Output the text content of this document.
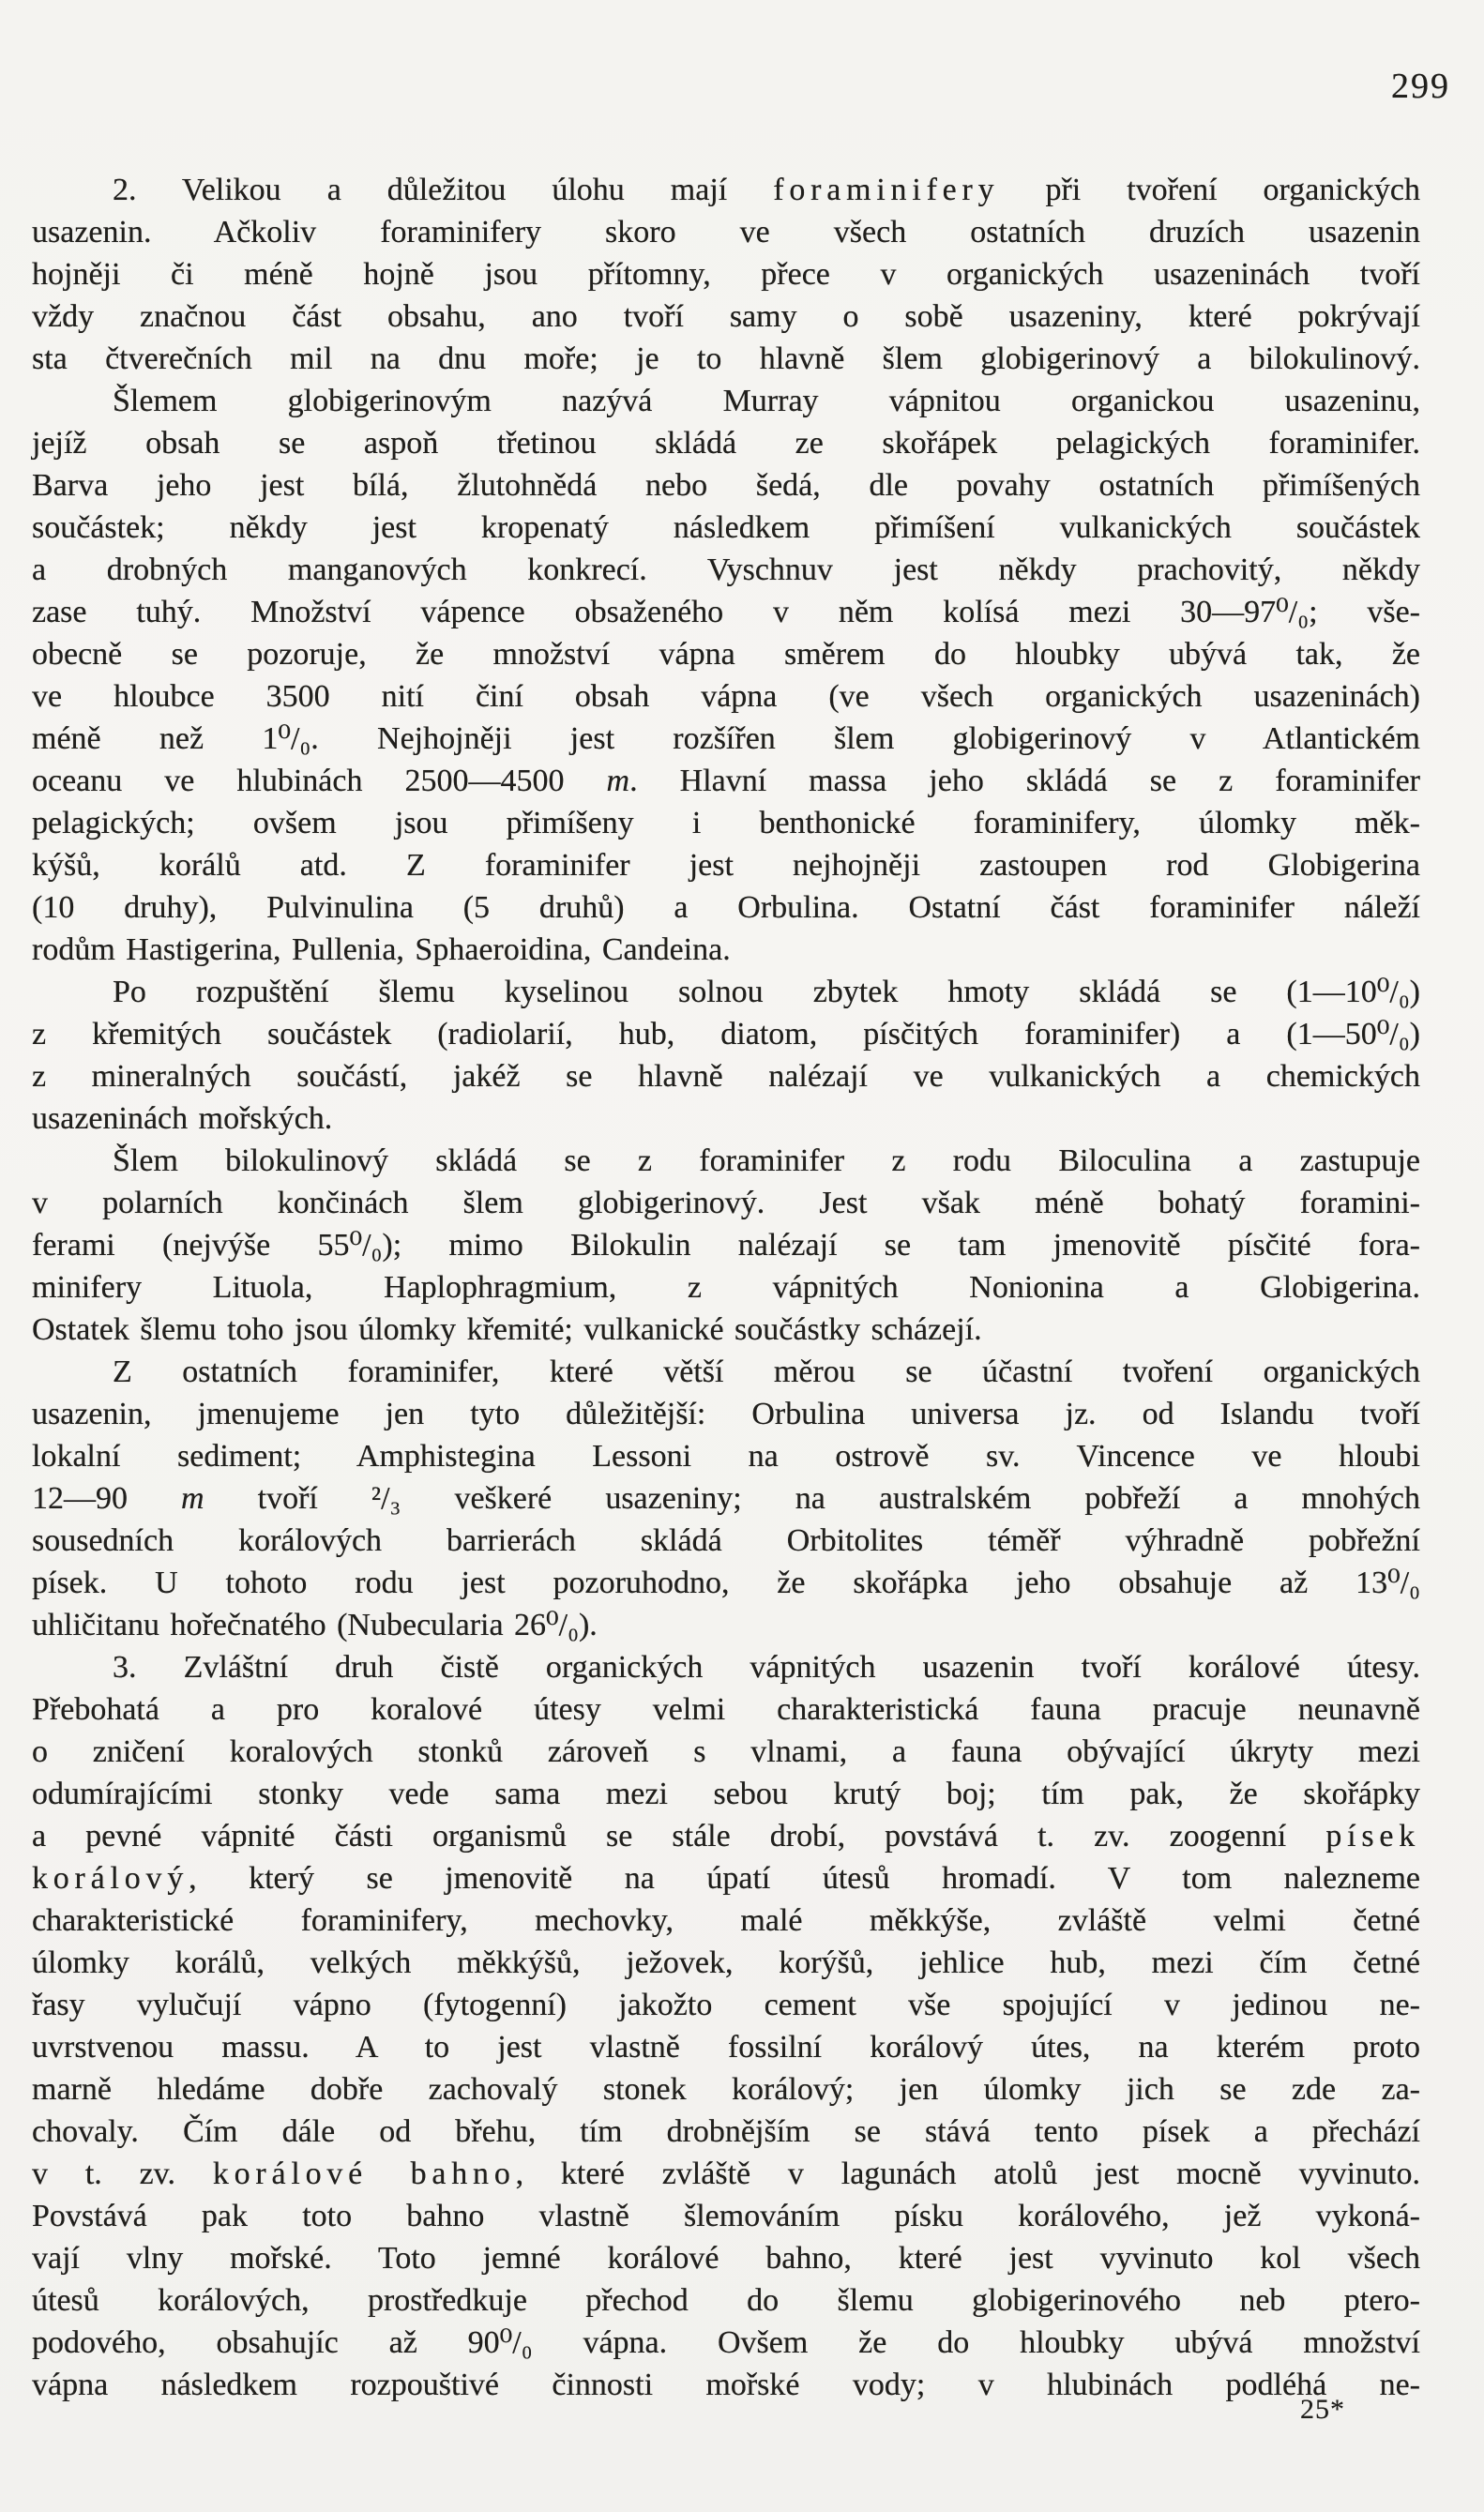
299
2. Velikou a důležitou úlohu mají foraminifery při tvoření organických
usazenin. Ačkoliv foraminifery skoro ve všech ostatních druzích usazenin
hojněji či méně hojně jsou přítomny, přece v organických usazeninách tvoří
vždy značnou část obsahu, ano tvoří samy o sobě usazeniny, které pokrývají
sta čtverečních mil na dnu moře; je to hlavně šlem globigerinový a bilokulinový.
Šlemem globigerinovým nazývá Murray vápnitou organickou usazeninu,
jejíž obsah se aspoň třetinou skládá ze skořápek pelagických foraminifer.
Barva jeho jest bílá, žlutohnědá nebo šedá, dle povahy ostatních přimíšených
součástek; někdy jest kropenatý následkem přimíšení vulkanických součástek
a drobných manganových konkrecí. Vyschnuv jest někdy prachovitý, někdy
zase tuhý. Množství vápence obsaženého v něm kolísá mezi 30—97⁰/₀; vše-
obecně se pozoruje, že množství vápna směrem do hloubky ubývá tak, že
ve hloubce 3500 nití činí obsah vápna (ve všech organických usazeninách)
méně než 1⁰/₀. Nejhojněji jest rozšířen šlem globigerinový v Atlantickém
oceanu ve hlubinách 2500—4500 m. Hlavní massa jeho skládá se z foraminifer
pelagických; ovšem jsou přimíšeny i benthonické foraminifery, úlomky měk-
kýšů, korálů atd. Z foraminifer jest nejhojněji zastoupen rod Globigerina
(10 druhy), Pulvinulina (5 druhů) a Orbulina. Ostatní část foraminifer náleží
rodům Hastigerina, Pullenia, Sphaeroidina, Candeina.
Po rozpuštění šlemu kyselinou solnou zbytek hmoty skládá se (1—10⁰/₀)
z křemitých součástek (radiolarií, hub, diatom, písčitých foraminifer) a (1—50⁰/₀)
z mineralných součástí, jakéž se hlavně nalézají ve vulkanických a chemických
usazeninách mořských.
Šlem bilokulinový skládá se z foraminifer z rodu Biloculina a zastupuje
v polarních končinách šlem globigerinový. Jest však méně bohatý foramini-
ferami (nejvýše 55⁰/₀); mimo Bilokulin nalézají se tam jmenovitě písčité fora-
minifery Lituola, Haplophragmium, z vápnitých Nonionina a Globigerina.
Ostatek šlemu toho jsou úlomky křemité; vulkanické součástky scházejí.
Z ostatních foraminifer, které větší měrou se účastní tvoření organických
usazenin, jmenujeme jen tyto důležitější: Orbulina universa jz. od Islandu tvoří
lokalní sediment; Amphistegina Lessoni na ostrově sv. Vincence ve hloubi
12—90 m tvoří ²/₃ veškeré usazeniny; na australském pobřeží a mnohých
sousedních korálových barrierách skládá Orbitolites téměř výhradně pobřežní
písek. U tohoto rodu jest pozoruhodno, že skořápka jeho obsahuje až 13⁰/₀
uhličitanu hořečnatého (Nubecularia 26⁰/₀).
3. Zvláštní druh čistě organických vápnitých usazenin tvoří korálové útesy.
Přebohatá a pro koralové útesy velmi charakteristická fauna pracuje neunavně
o zničení koralových stonků zároveň s vlnami, a fauna obývající úkryty mezi
odumírajícími stonky vede sama mezi sebou krutý boj; tím pak, že skořápky
a pevné vápnité části organismů se stále drobí, povstává t. zv. zoogenní písek
korálový, který se jmenovitě na úpatí útesů hromadí. V tom nalezneme
charakteristické foraminifery, mechovky, malé měkkýše, zvláště velmi četné
úlomky korálů, velkých měkkýšů, ježovek, korýšů, jehlice hub, mezi čím četné
řasy vylučují vápno (fytogenní) jakožto cement vše spojující v jedinou ne-
uvrstvenou massu. A to jest vlastně fossilní korálový útes, na kterém proto
marně hledáme dobře zachovalý stonek korálový; jen úlomky jich se zde za-
chovaly. Čím dále od břehu, tím drobnějším se stává tento písek a přechází
v t. zv. korálové bahno, které zvláště v lagunách atolů jest mocně vyvinuto.
Povstává pak toto bahno vlastně šlemováním písku korálového, jež vykoná-
vají vlny mořské. Toto jemné korálové bahno, které jest vyvinuto kol všech
útesů korálových, prostředkuje přechod do šlemu globigerinového neb ptero-
podového, obsahujíc až 90⁰/₀ vápna. Ovšem že do hloubky ubývá množství
vápna následkem rozpouštivé činnosti mořské vody; v hlubinách podléhá ne-
25*
